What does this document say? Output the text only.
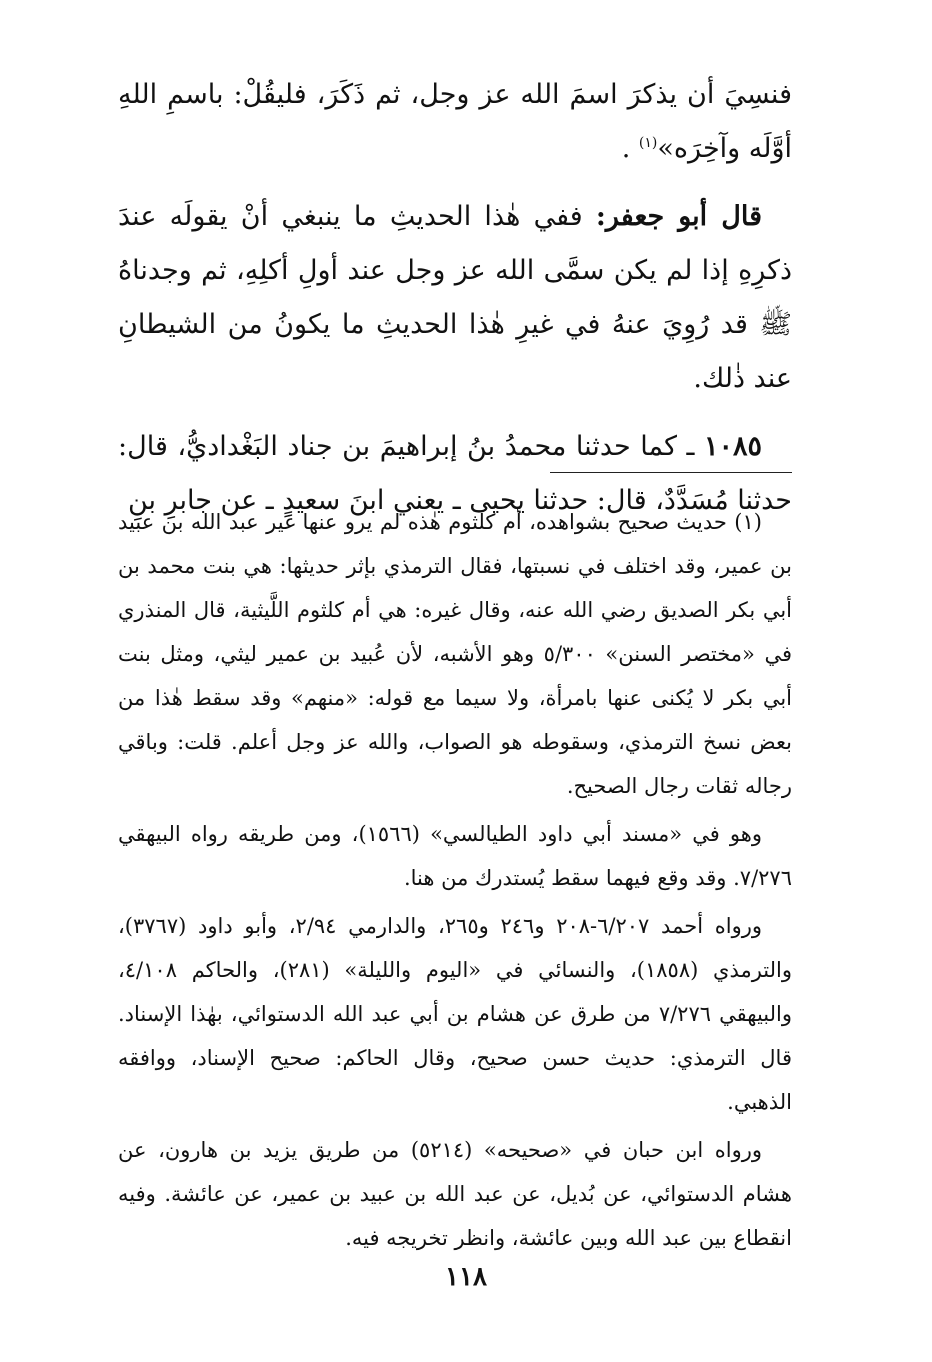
فنسِيَ أن يذكرَ اسمَ الله عز وجل، ثم ذَكَرَ، فليقُلْ: باسمِ اللهِ أوَّلَه وآخِرَه»$^{(١)}$ .

قال أبو جعفر: ففي هٰذا الحديثِ ما ينبغي أنْ يقولَه عندَ ذكرِهِ إذا لم يكن سمَّى الله عز وجل عند أولِ أكلِهِ، ثم وجدناهُ ﷺ قد رُوِيَ عنهُ في غيرِ هٰذا الحديثِ ما يكونُ من الشيطانِ عند ذٰلك.

١٠٨٥ ـ كما حدثنا محمدُ بنُ إبراهيمَ بن جناد البَغْداديُّ، قال: حدثنا مُسَدَّدٌ، قال: حدثنا يحيى ـ يعني ابنَ سعيدٍ ـ عن جابرِ بنِ

(١) حديث صحيح بشواهده، أم كلثوم هٰذه لم يرو عنها غير عبد الله بن عبيد بن عمير، وقد اختلف في نسبتها، فقال الترمذي بإثر حديثها: هي بنت محمد بن أبي بكر الصديق رضي الله عنه، وقال غيره: هي أم كلثوم اللَّيثية، قال المنذري في «مختصر السنن» ٥/٣٠٠ وهو الأشبه، لأن عُبيد بن عمير ليثي، ومثل بنت أبي بكر لا يُكنى عنها بامرأة، ولا سيما مع قوله: «منهم» وقد سقط هٰذا من بعض نسخ الترمذي، وسقوطه هو الصواب، والله عز وجل أعلم. قلت: وباقي رجاله ثقات رجال الصحيح.

وهو في «مسند أبي داود الطيالسي» (١٥٦٦)، ومن طريقه رواه البيهقي ٧/٢٧٦. وقد وقع فيهما سقط يُستدرك من هنا.

ورواه أحمد ٦/٢٠٧-٢٠٨ و٢٤٦ و٢٦٥، والدارمي ٢/٩٤، وأبو داود (٣٧٦٧)، والترمذي (١٨٥٨)، والنسائي في «اليوم والليلة» (٢٨١)، والحاكم ٤/١٠٨، والبيهقي ٧/٢٧٦ من طرق عن هشام بن أبي عبد الله الدستوائي، بهٰذا الإسناد. قال الترمذي: حديث حسن صحيح، وقال الحاكم: صحيح الإسناد، ووافقه الذهبي.

ورواه ابن حبان في «صحيحه» (٥٢١٤) من طريق يزيد بن هارون، عن هشام الدستوائي، عن بُديل، عن عبد الله بن عبيد بن عمير، عن عائشة. وفيه انقطاع بين عبد الله وبين عائشة، وانظر تخريجه فيه.

١١٨
